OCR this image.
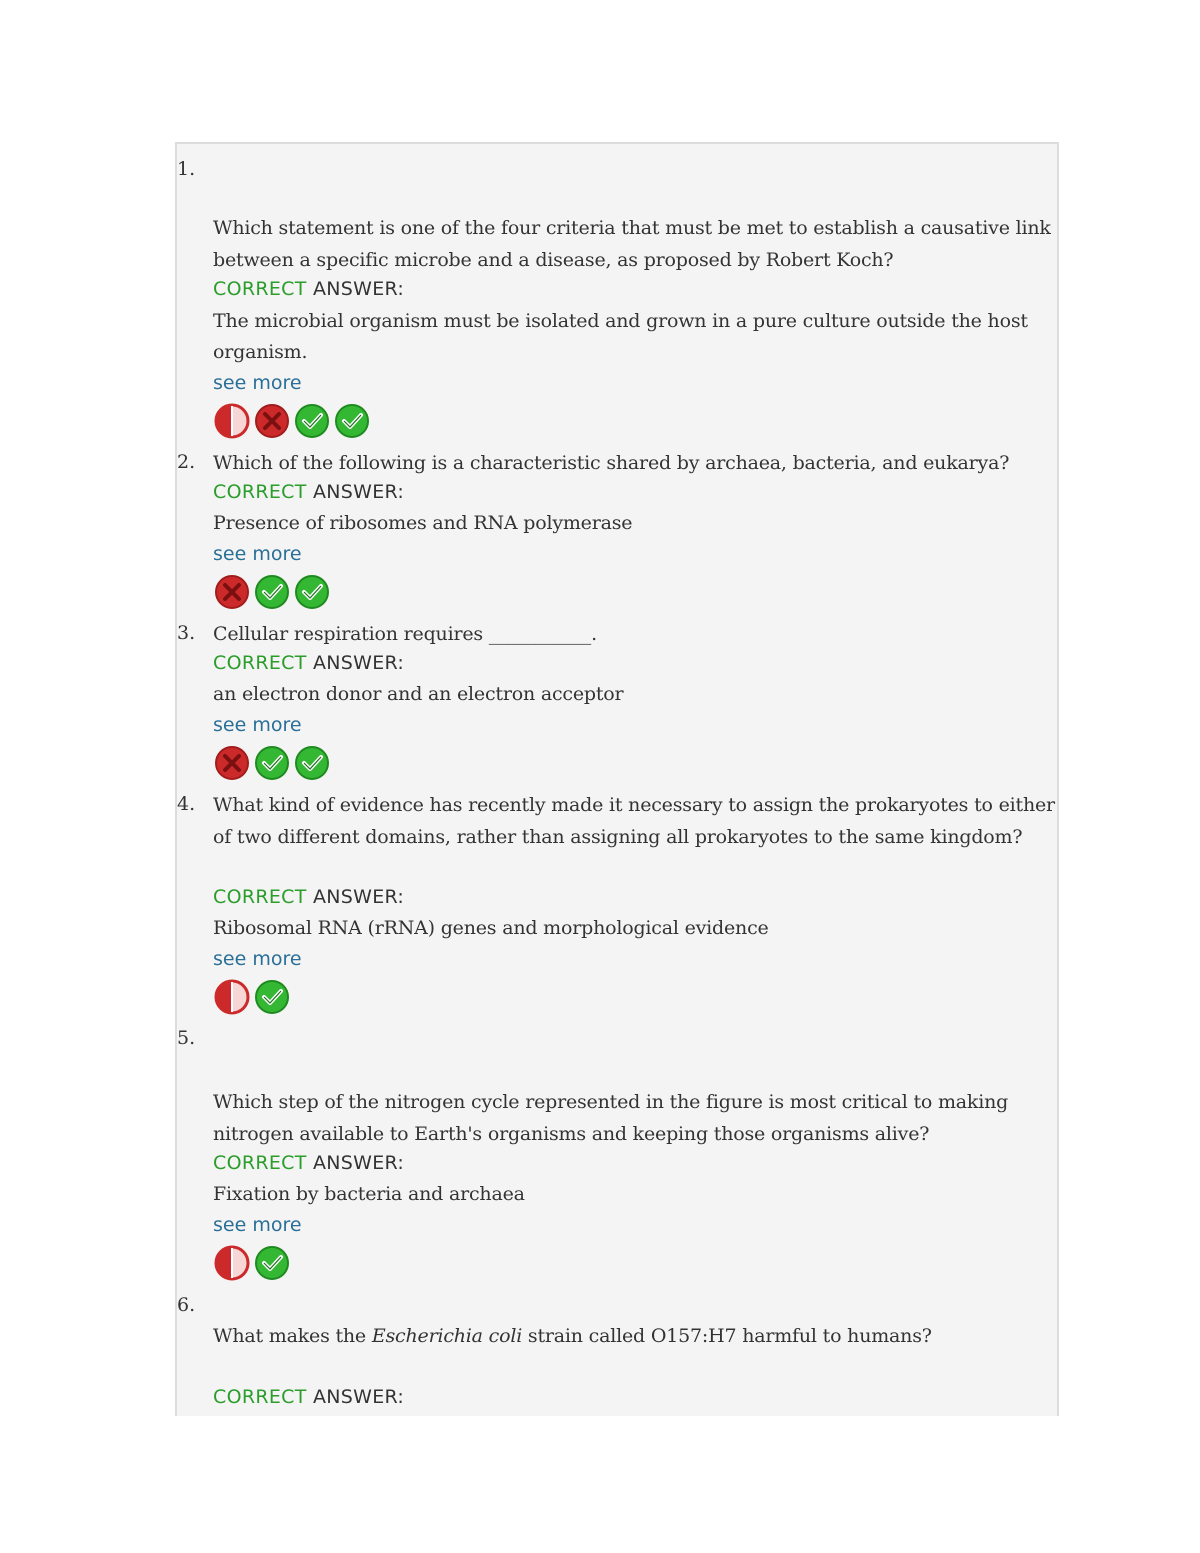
1.
Which statement is one of the four criteria that must be met to establish a causative link between a specific microbe and a disease, as proposed by Robert Koch?
CORRECT ANSWER:
The microbial organism must be isolated and grown in a pure culture outside the host organism.
see more
2. Which of the following is a characteristic shared by archaea, bacteria, and eukarya?
CORRECT ANSWER:
Presence of ribosomes and RNA polymerase
see more
3. Cellular respiration requires ___________.
CORRECT ANSWER:
an electron donor and an electron acceptor
see more
4. What kind of evidence has recently made it necessary to assign the prokaryotes to either of two different domains, rather than assigning all prokaryotes to the same kingdom?
CORRECT ANSWER:
Ribosomal RNA (rRNA) genes and morphological evidence
see more
5.
Which step of the nitrogen cycle represented in the figure is most critical to making nitrogen available to Earth's organisms and keeping those organisms alive?
CORRECT ANSWER:
Fixation by bacteria and archaea
see more
6.
What makes the Escherichia coli strain called O157:H7 harmful to humans?
CORRECT ANSWER:
